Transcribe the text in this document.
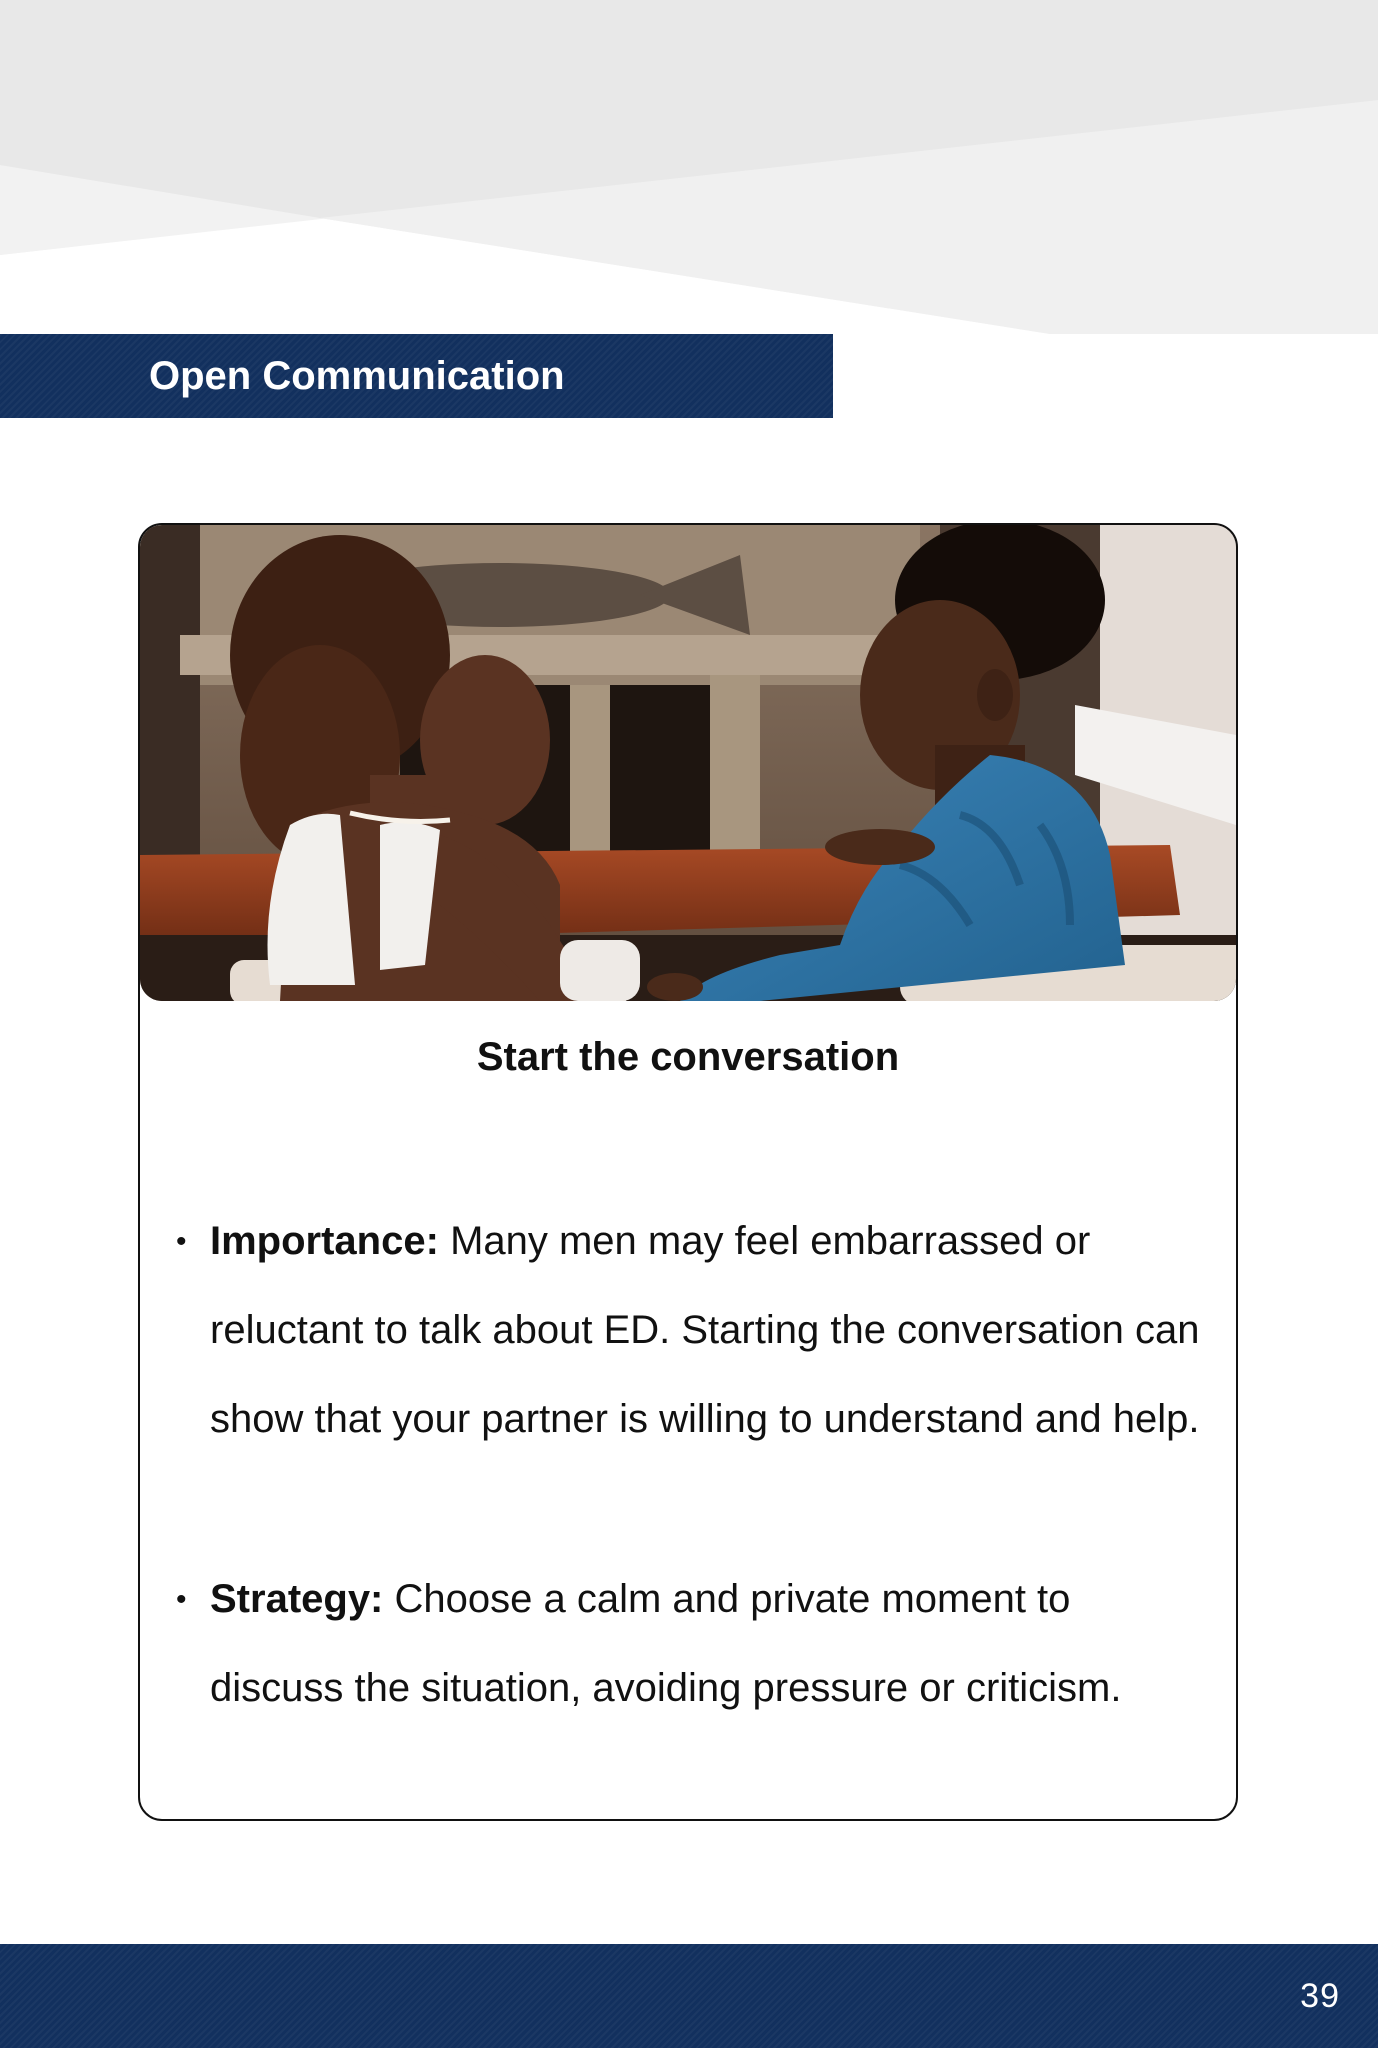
Open Communication
Start the conversation
• Importance: Many men may feel embarrassed or
reluctant to talk about ED. Starting the conversation can
show that your partner is willing to understand and help.
• Strategy: Choose a calm and private moment to
discuss the situation, avoiding pressure or criticism.
39
